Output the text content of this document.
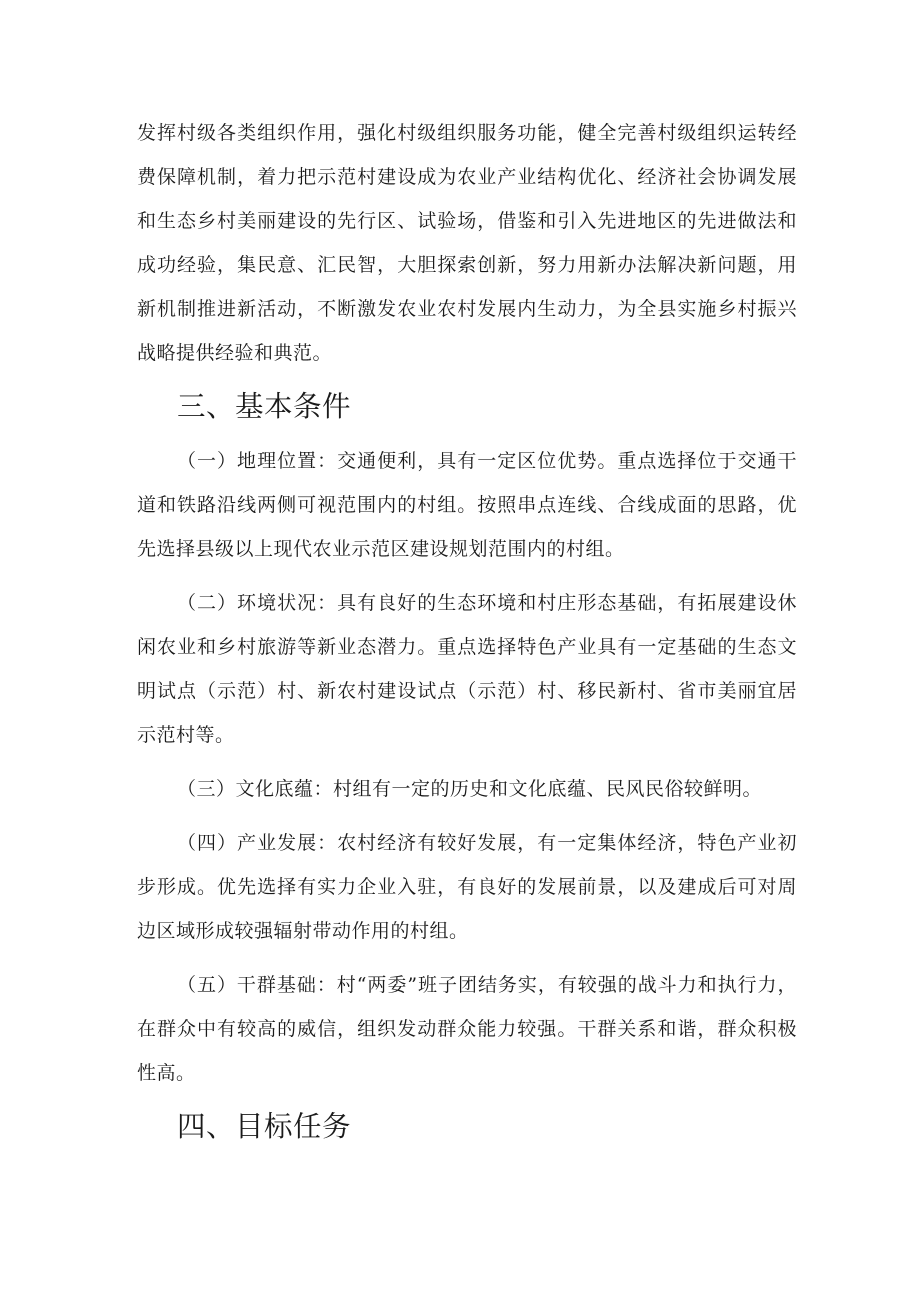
发挥村级各类组织作用，强化村级组织服务功能，健全完善村级组织运转经费保障机制，着力把示范村建设成为农业产业结构优化、经济社会协调发展和生态乡村美丽建设的先行区、试验场，借鉴和引入先进地区的先进做法和成功经验，集民意、汇民智，大胆探索创新，努力用新办法解决新问题，用新机制推进新活动，不断激发农业农村发展内生动力，为全县实施乡村振兴战略提供经验和典范。

三、基本条件

（一）地理位置：交通便利，具有一定区位优势。重点选择位于交通干道和铁路沿线两侧可视范围内的村组。按照串点连线、合线成面的思路，优先选择县级以上现代农业示范区建设规划范围内的村组。

（二）环境状况：具有良好的生态环境和村庄形态基础，有拓展建设休闲农业和乡村旅游等新业态潜力。重点选择特色产业具有一定基础的生态文明试点（示范）村、新农村建设试点（示范）村、移民新村、省市美丽宜居示范村等。

（三）文化底蕴：村组有一定的历史和文化底蕴、民风民俗较鲜明。

（四）产业发展：农村经济有较好发展，有一定集体经济，特色产业初步形成。优先选择有实力企业入驻，有良好的发展前景，以及建成后可对周边区域形成较强辐射带动作用的村组。

（五）干群基础：村“两委”班子团结务实，有较强的战斗力和执行力，在群众中有较高的威信，组织发动群众能力较强。干群关系和谐，群众积极性高。

四、目标任务
